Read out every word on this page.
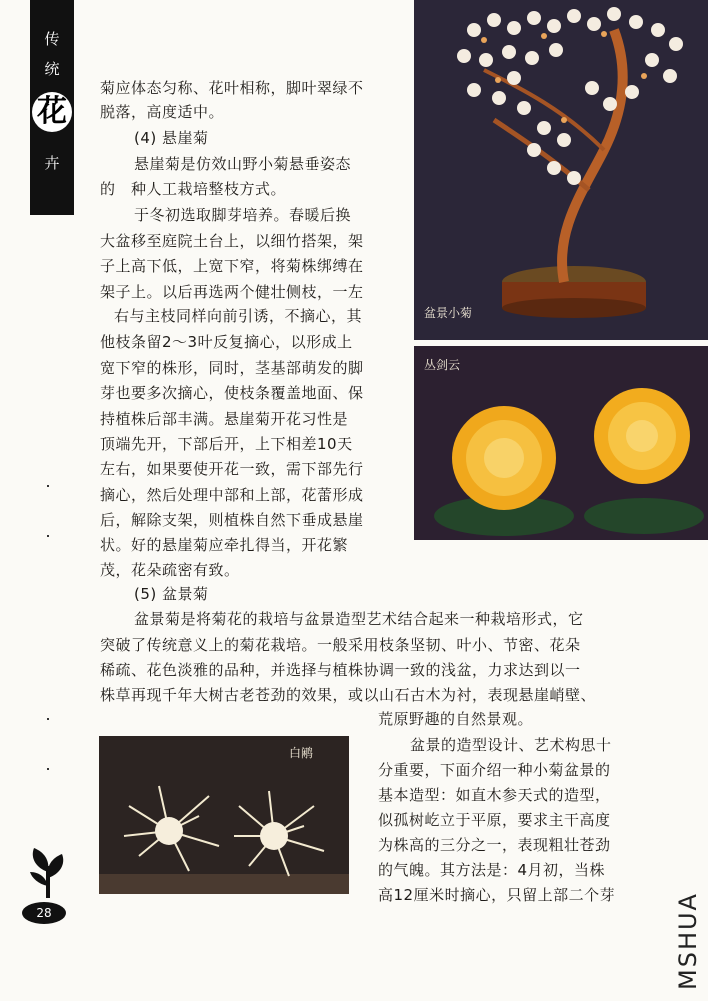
传
统
花
卉
盆景小菊
丛剑云
白鹇
菊应体态匀称、花叶相称，脚叶翠绿不
脱落，高度适中。
(4) 悬崖菊
悬崖菊是仿效山野小菊悬垂姿态
的　种人工栽培整枝方式。
于冬初选取脚芽培养。春暖后换
大盆移至庭院土台上，以细竹搭架，架
子上高下低，上宽下窄，将菊株绑缚在
架子上。以后再选两个健壮侧枝，一左
右与主枝同样向前引诱，不摘心，其
他枝条留2～3叶反复摘心，以形成上
宽下窄的株形，同时，茎基部萌发的脚
芽也要多次摘心，使枝条覆盖地面、保
持植株后部丰满。悬崖菊开花习性是
顶端先开，下部后开，上下相差10天
左右，如果要使开花一致，需下部先行
摘心，然后处理中部和上部，花蕾形成
后，解除支架，则植株自然下垂成悬崖
状。好的悬崖菊应牵扎得当，开花繁
茂，花朵疏密有致。
(5) 盆景菊
盆景菊是将菊花的栽培与盆景造型艺术结合起来一种栽培形式，它
突破了传统意义上的菊花栽培。一般采用枝条坚韧、叶小、节密、花朵
稀疏、花色淡雅的品种，并选择与植株协调一致的浅盆，力求达到以一
株草再现千年大树古老苍劲的效果，或以山石古木为衬，表现悬崖峭壁、
荒原野趣的自然景观。
盆景的造型设计、艺术构思十
分重要，下面介绍一种小菊盆景的
基本造型：如直木参天式的造型，
似孤树屹立于平原，要求主干高度
为株高的三分之一，表现粗壮苍劲
的气魄。其方法是：4月初，当株
高12厘米时摘心，只留上部二个芽
28	MSHUA
